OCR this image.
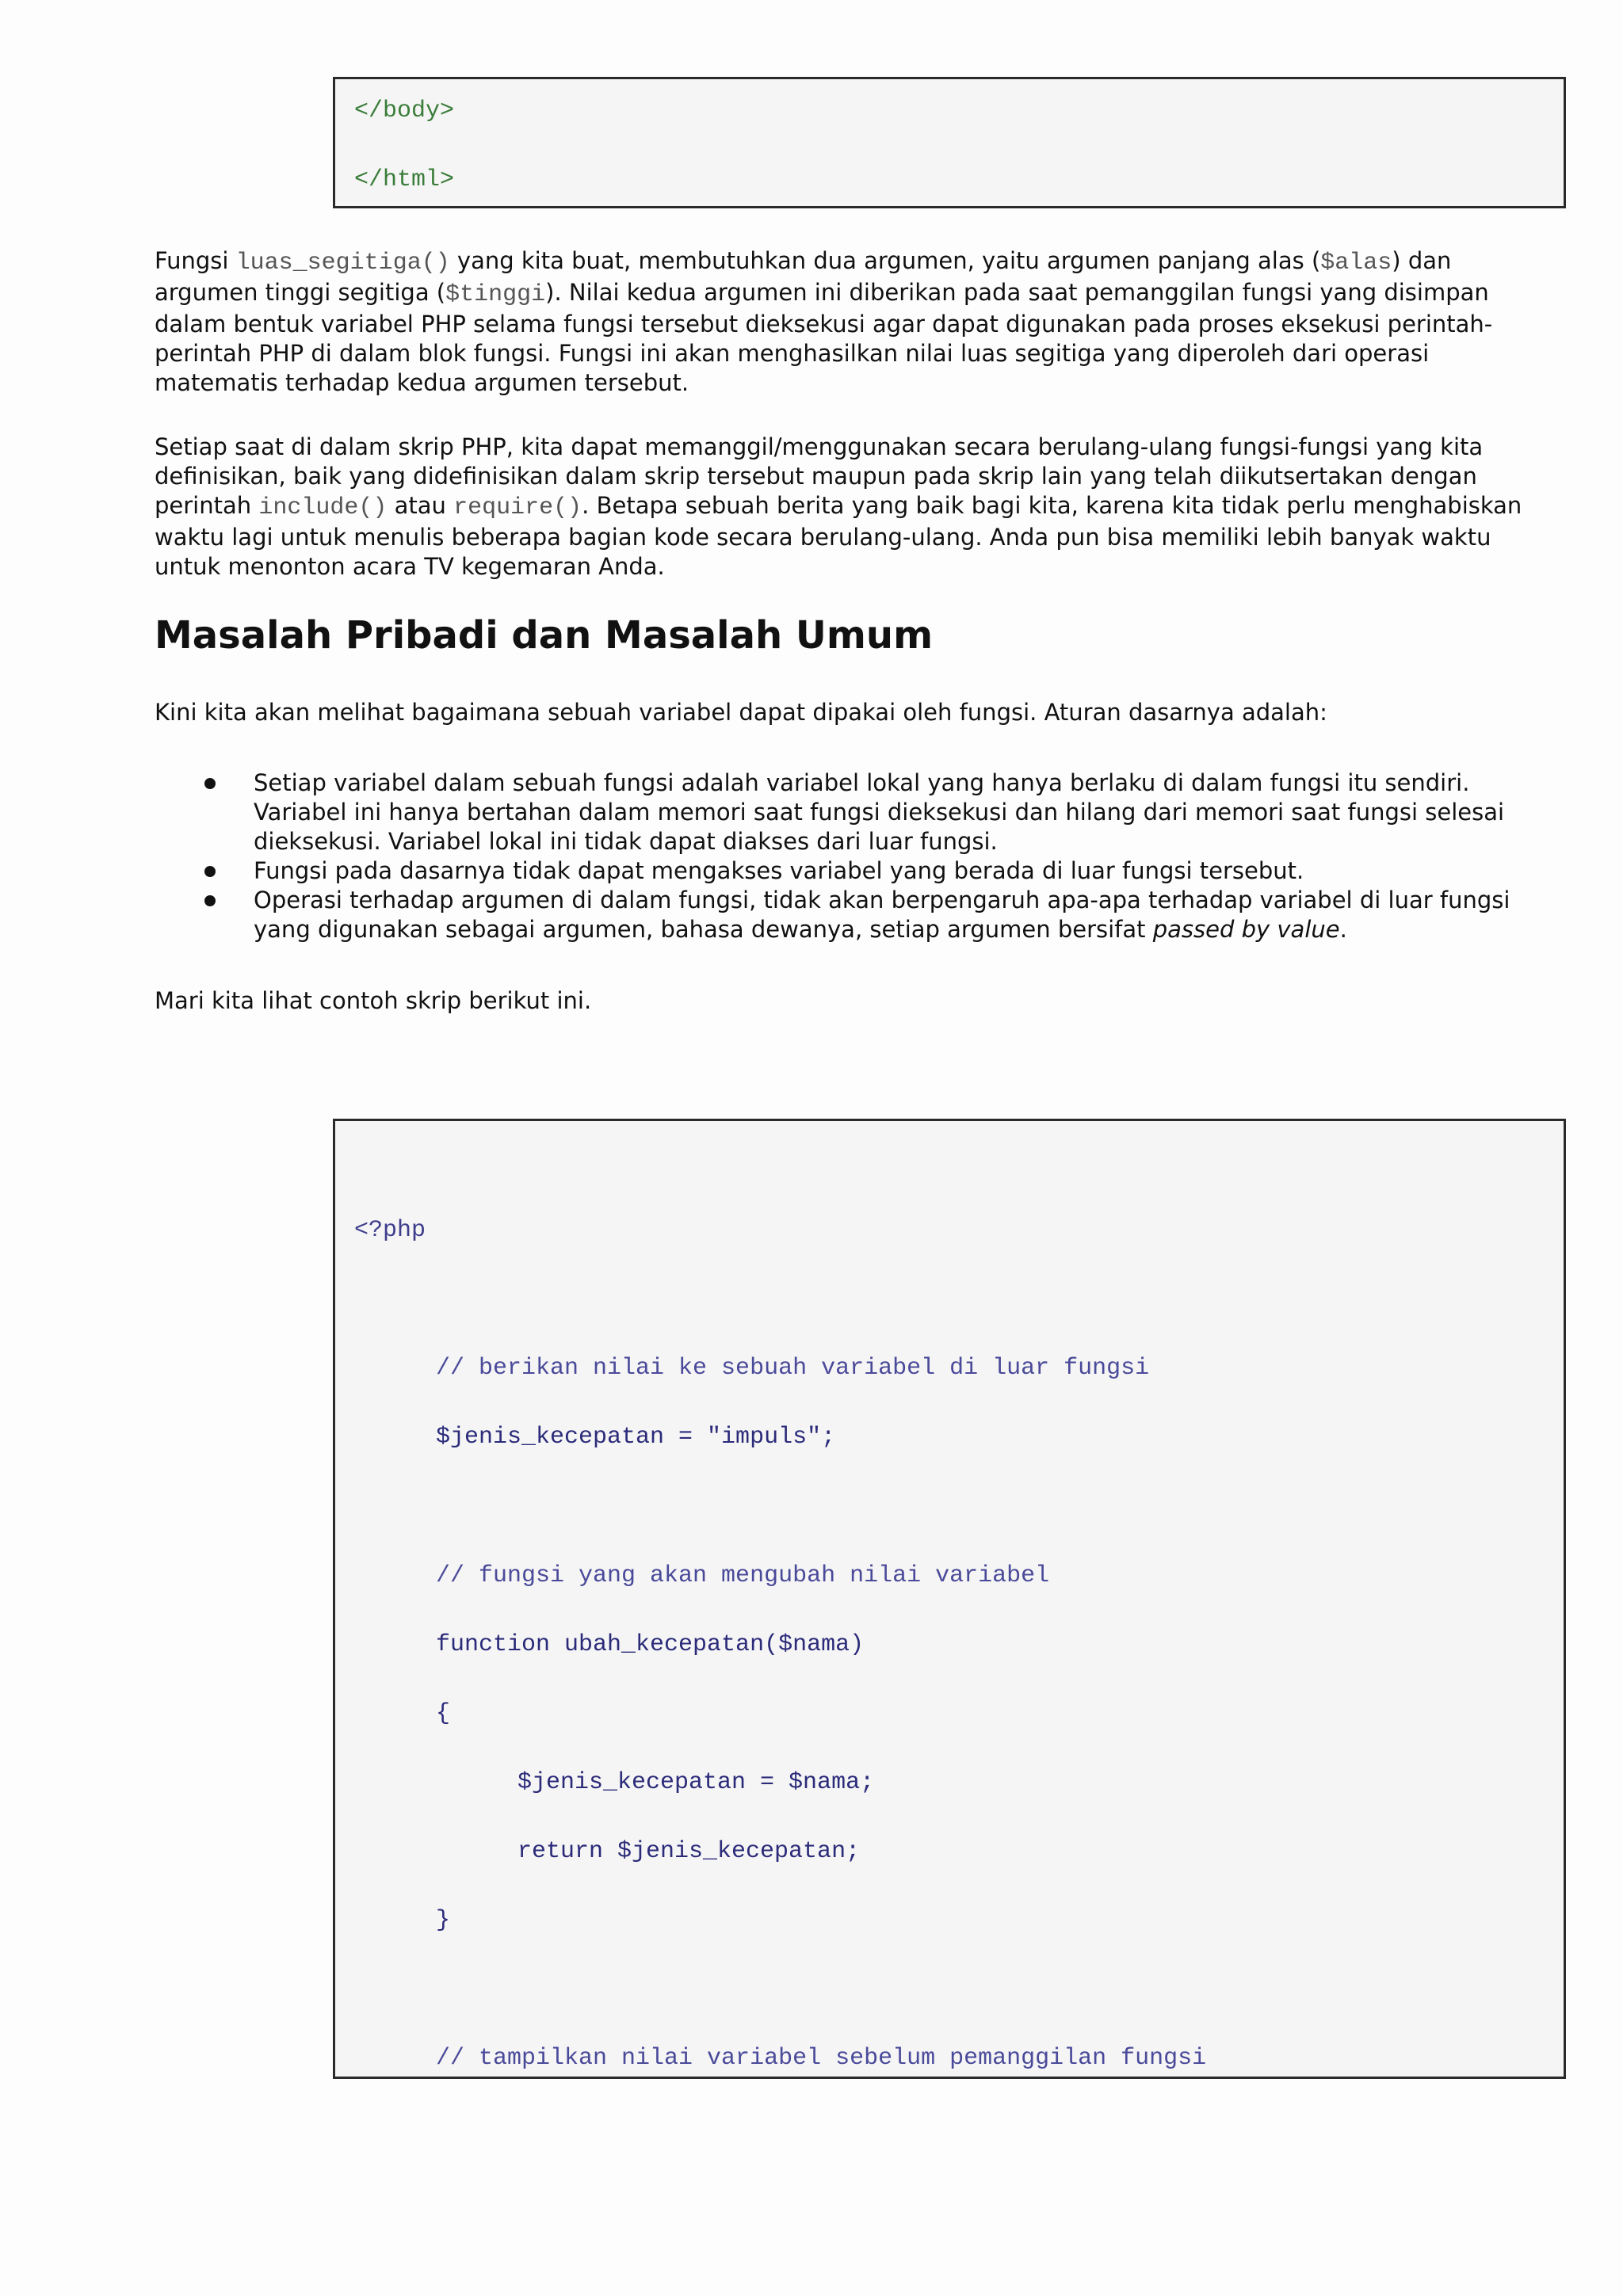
</body>
</html>

Fungsi luas_segitiga() yang kita buat, membutuhkan dua argumen, yaitu argumen panjang alas ($alas) dan argumen tinggi segitiga ($tinggi). Nilai kedua argumen ini diberikan pada saat pemanggilan fungsi yang disimpan dalam bentuk variabel PHP selama fungsi tersebut dieksekusi agar dapat digunakan pada proses eksekusi perintah-perintah PHP di dalam blok fungsi. Fungsi ini akan menghasilkan nilai luas segitiga yang diperoleh dari operasi matematis terhadap kedua argumen tersebut.

Setiap saat di dalam skrip PHP, kita dapat memanggil/menggunakan secara berulang-ulang fungsi-fungsi yang kita definisikan, baik yang didefinisikan dalam skrip tersebut maupun pada skrip lain yang telah diikutsertakan dengan perintah include() atau require(). Betapa sebuah berita yang baik bagi kita, karena kita tidak perlu menghabiskan waktu lagi untuk menulis beberapa bagian kode secara berulang-ulang. Anda pun bisa memiliki lebih banyak waktu untuk menonton acara TV kegemaran Anda.

Masalah Pribadi dan Masalah Umum

Kini kita akan melihat bagaimana sebuah variabel dapat dipakai oleh fungsi. Aturan dasarnya adalah:

Setiap variabel dalam sebuah fungsi adalah variabel lokal yang hanya berlaku di dalam fungsi itu sendiri. Variabel ini hanya bertahan dalam memori saat fungsi dieksekusi dan hilang dari memori saat fungsi selesai dieksekusi. Variabel lokal ini tidak dapat diakses dari luar fungsi.
Fungsi pada dasarnya tidak dapat mengakses variabel yang berada di luar fungsi tersebut.
Operasi terhadap argumen di dalam fungsi, tidak akan berpengaruh apa-apa terhadap variabel di luar fungsi yang digunakan sebagai argumen, bahasa dewanya, setiap argumen bersifat passed by value.

Mari kita lihat contoh skrip berikut ini.

<?php
// berikan nilai ke sebuah variabel di luar fungsi
$jenis_kecepatan = "impuls";
// fungsi yang akan mengubah nilai variabel
function ubah_kecepatan($nama)
{
$jenis_kecepatan = $nama;
return $jenis_kecepatan;
}
// tampilkan nilai variabel sebelum pemanggilan fungsi
